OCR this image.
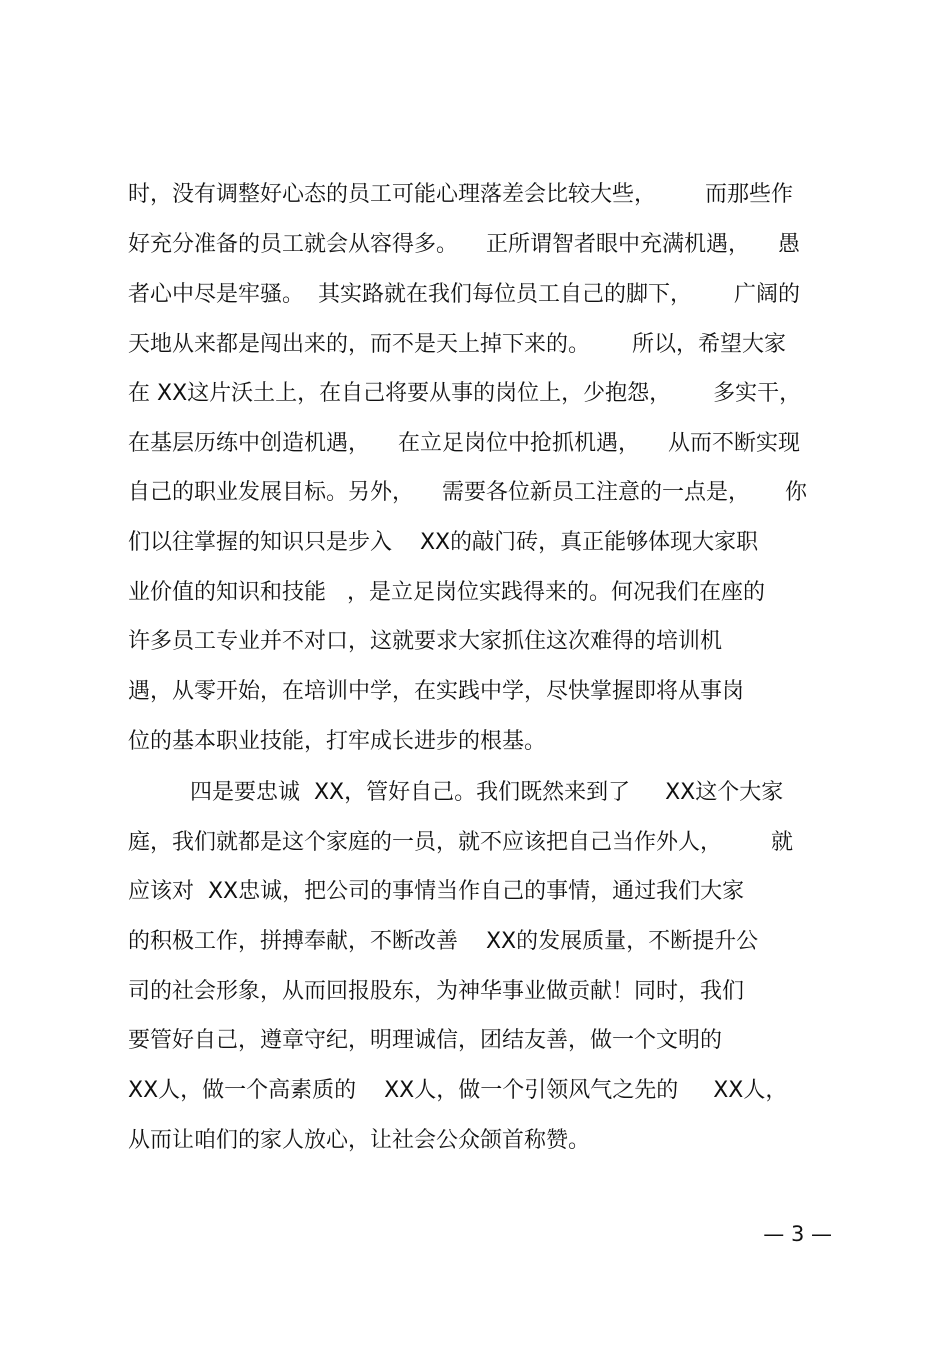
时，没有调整好心态的员工可能心理落差会比较大些，       而那些作
好充分准备的员工就会从容得多。    正所谓智者眼中充满机遇，    愚
者心中尽是牢骚。  其实路就在我们每位员工自己的脚下，      广阔的
天地从来都是闯出来的，而不是天上掉下来的。      所以，希望大家
在 XX这片沃土上，在自己将要从事的岗位上，少抱怨，      多实干，
在基层历练中创造机遇，    在立足岗位中抢抓机遇，    从而不断实现
自己的职业发展目标。另外，    需要各位新员工注意的一点是，     你
们以往掌握的知识只是步入    XX的敲门砖，真正能够体现大家职
业价值的知识和技能   ，是立足岗位实践得来的。何况我们在座的
许多员工专业并不对口，这就要求大家抓住这次难得的培训机
遇，从零开始，在培训中学，在实践中学，尽快掌握即将从事岗
位的基本职业技能，打牢成长进步的根基。
四是要忠诚  XX，管好自己。我们既然来到了     XX这个大家
庭，我们就都是这个家庭的一员，就不应该把自己当作外人，       就
应该对  XX忠诚，把公司的事情当作自己的事情，通过我们大家
的积极工作，拼搏奉献，不断改善    XX的发展质量，不断提升公
司的社会形象，从而回报股东，为神华事业做贡献！同时，我们
要管好自己，遵章守纪，明理诚信，团结友善，做一个文明的
XX人，做一个高素质的    XX人，做一个引领风气之先的     XX人，
从而让咱们的家人放心，让社会公众颌首称赞。
— 3 —
